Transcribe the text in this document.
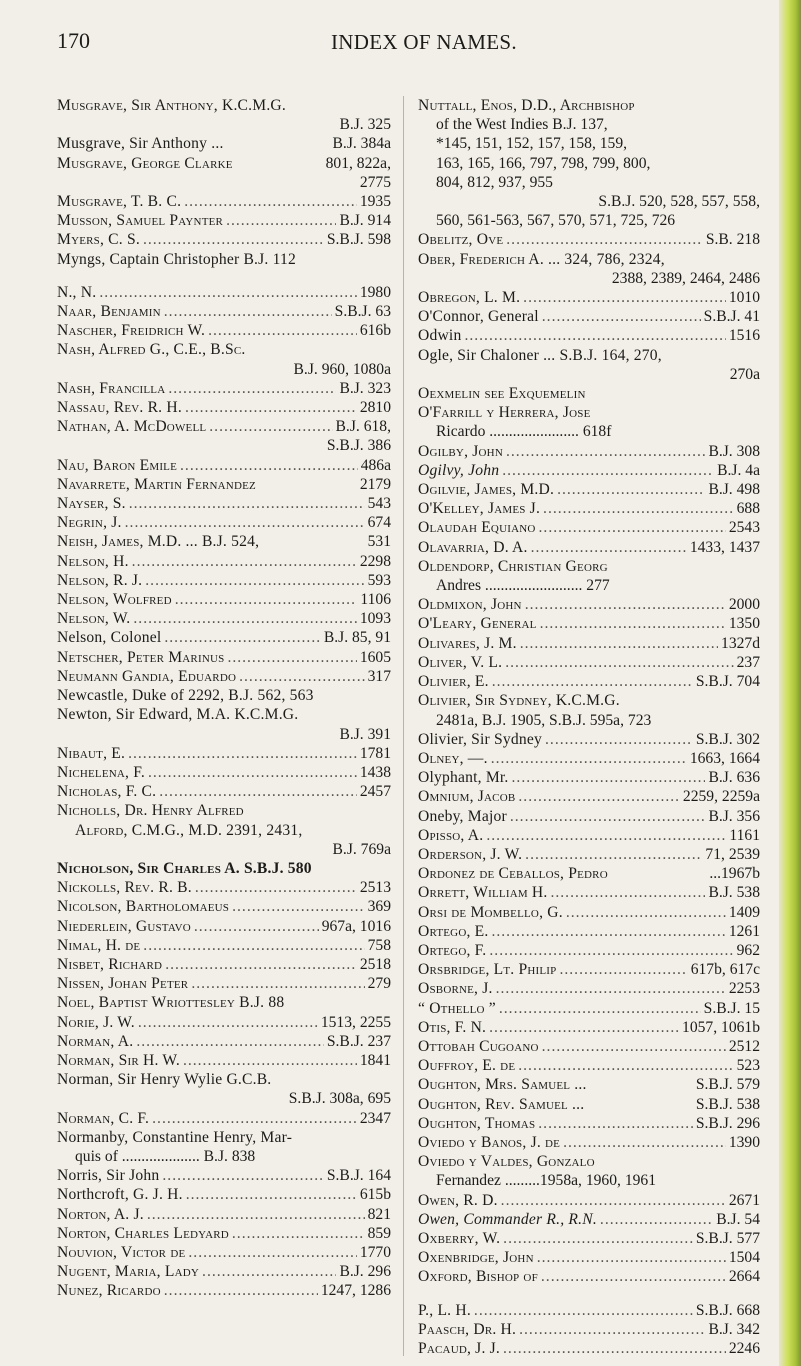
170	INDEX OF NAMES.
Musgrave, Sir Anthony, K.C.M.G.
B.J. 325
Musgrave, Sir Anthony ...	B.J. 384a
Musgrave, George Clarke	801, 822a,
2775
Musgrave, T. B. C. .....	1935
Musson, Samuel Paynter .....	B.J. 914
Myers, C. S. .....	S.B.J. 598
Myngs, Captain Christopher B.J. 112
N., N. .....	1980
Naar, Benjamin .....	S.B.J. 63
Nascher, Freidrich W. .....	616b
Nash, Alfred G., C.E., B.Sc.
B.J. 960, 1080a
Nash, Francilla .....	B.J. 323
Nassau, Rev. R. H. .....	2810
Nathan, A. McDowell .....	B.J. 618,
S.B.J. 386
Nau, Baron Emile .....	486a
Navarrete, Martin Fernandez	2179
Nayser, S. .....	543
Negrin, J. .....	674
Neish, James, M.D. ... B.J. 524,	531
Nelson, H. .....	2298
Nelson, R. J. .....	593
Nelson, Wolfred .....	1106
Nelson, W. .....	1093
Nelson, Colonel .....	B.J. 85, 91
Netscher, Peter Marinus .....	1605
Neumann Gandia, Eduardo .....	317
Newcastle, Duke of 2292, B.J. 562, 563
Newton, Sir Edward, M.A. K.C.M.G.
B.J. 391
Nibaut, E. .....	1781
Nichelena, F. .....	1438
Nicholas, F. C. .....	2457
Nicholls, Dr. Henry Alfred
Alford, C.M.G., M.D. 2391, 2431,
B.J. 769a
Nicholson, Sir Charles A. S.B.J. 580
Nickolls, Rev. R. B. .....	2513
Nicolson, Bartholomaeus .....	369
Niederlein, Gustavo .....	967a, 1016
Nimal, H. de .....	758
Nisbet, Richard .....	2518
Nissen, Johan Peter .....	279
Noel, Baptist Wriottesley B.J. 88
Norie, J. W. .....	1513, 2255
Norman, A. .....	S.B.J. 237
Norman, Sir H. W. .....	1841
Norman, Sir Henry Wylie G.C.B.
S.B.J. 308a, 695
Norman, C. F. .....	2347
Normanby, Constantine Henry, Mar-
quis of .................... B.J. 838
Norris, Sir John .....	S.B.J. 164
Northcroft, G. J. H. .....	615b
Norton, A. J. .....	821
Norton, Charles Ledyard .....	859
Nouvion, Victor de .....	1770
Nugent, Maria, Lady .....	B.J. 296
Nunez, Ricardo .....	1247, 1286
Nuttall, Enos, D.D., Archbishop
of the West Indies B.J. 137,
*145, 151, 152, 157, 158, 159,
163, 165, 166, 797, 798, 799, 800,
804, 812, 937, 955
S.B.J. 520, 528, 557, 558,
560, 561-563, 567, 570, 571, 725, 726
Obelitz, Ove .....	S.B. 218
Ober, Frederich A. ... 324, 786, 2324,
2388, 2389, 2464, 2486
Obregon, L. M. .....	1010
O'Connor, General .....	S.B.J. 41
Odwin .....	1516
Ogle, Sir Chaloner ... S.B.J. 164, 270,
270a
Oexmelin see Exquemelin
O'Farrill y Herrera, Jose
Ricardo ....................... 618f
Ogilby, John .....	B.J. 308
Ogilvy, John .....	B.J. 4a
Ogilvie, James, M.D. .....	B.J. 498
O'Kelley, James J. .....	688
Olaudah Equiano .....	2543
Olavarria, D. A. .....	1433, 1437
Oldendorp, Christian Georg
Andres ......................... 277
Oldmixon, John .....	2000
O'Leary, General .....	1350
Olivares, J. M. .....	1327d
Oliver, V. L. .....	237
Olivier, E. .....	S.B.J. 704
Olivier, Sir Sydney, K.C.M.G.
2481a, B.J. 1905, S.B.J. 595a, 723
Olivier, Sir Sydney .....	S.B.J. 302
Olney, —. .....	1663, 1664
Olyphant, Mr. .....	B.J. 636
Omnium, Jacob .....	2259, 2259a
Oneby, Major .....	B.J. 356
Opisso, A. .....	1161
Orderson, J. W. .....	71, 2539
Ordonez de Ceballos, Pedro	...1967b
Orrett, William H. .....	B.J. 538
Orsi de Mombello, G. .....	1409
Ortego, E. .....	1261
Ortego, F. .....	962
Orsbridge, Lt. Philip .....	617b, 617c
Osborne, J. .....	2253
“ Othello ” .....	S.B.J. 15
Otis, F. N. .....	1057, 1061b
Ottobah Cugoano .....	2512
Ouffroy, E. de .....	523
Oughton, Mrs. Samuel ...	S.B.J. 579
Oughton, Rev. Samuel ...	S.B.J. 538
Oughton, Thomas .....	S.B.J. 296
Oviedo y Banos, J. de .....	1390
Oviedo y Valdes, Gonzalo
Fernandez .........1958a, 1960, 1961
Owen, R. D. .....	2671
Owen, Commander R., R.N. .....	B.J. 54
Oxberry, W. .....	S.B.J. 577
Oxenbridge, John .....	1504
Oxford, Bishop of .....	2664
P., L. H. .....	S.B.J. 668
Paasch, Dr. H. .....	B.J. 342
Pacaud, J. J. .....	2246
